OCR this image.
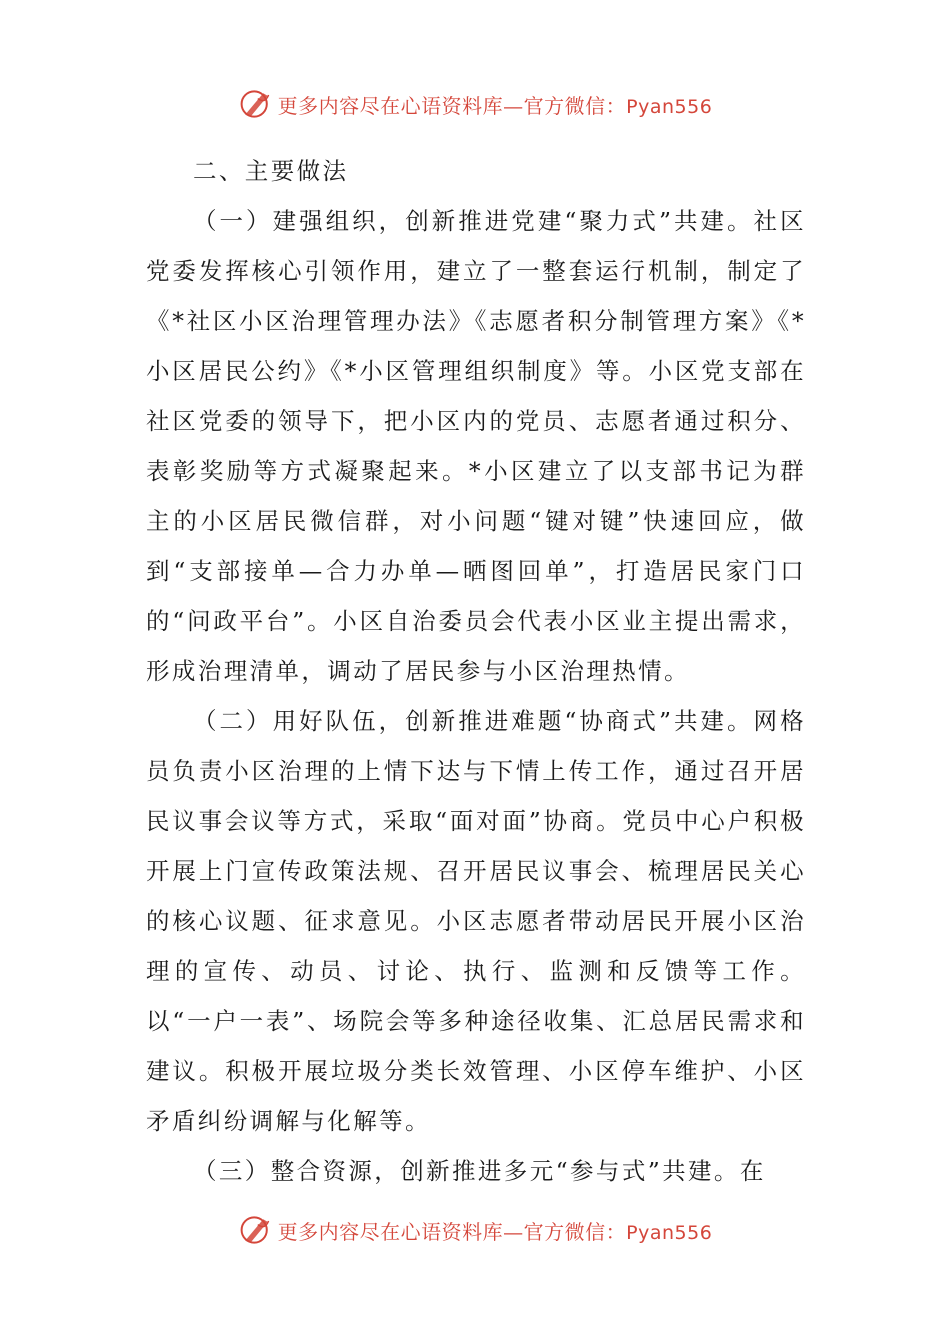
更多内容尽在心语资料库—官方微信：Pyan556

二、主要做法

（一）建强组织，创新推进党建“聚力式”共建。社区党委发挥核心引领作用，建立了一整套运行机制，制定了《*社区小区治理管理办法》《志愿者积分制管理方案》《*小区居民公约》《*小区管理组织制度》等。小区党支部在社区党委的领导下，把小区内的党员、志愿者通过积分、表彰奖励等方式凝聚起来。*小区建立了以支部书记为群主的小区居民微信群，对小问题“键对键”快速回应，做到“支部接单—合力办单—晒图回单”，打造居民家门口的“问政平台”。小区自治委员会代表小区业主提出需求，形成治理清单，调动了居民参与小区治理热情。

（二）用好队伍，创新推进难题“协商式”共建。网格员负责小区治理的上情下达与下情上传工作，通过召开居民议事会议等方式，采取“面对面”协商。党员中心户积极开展上门宣传政策法规、召开居民议事会、梳理居民关心的核心议题、征求意见。小区志愿者带动居民开展小区治理的宣传、动员、讨论、执行、监测和反馈等工作。以“一户一表”、场院会等多种途径收集、汇总居民需求和建议。积极开展垃圾分类长效管理、小区停车维护、小区矛盾纠纷调解与化解等。

（三）整合资源，创新推进多元“参与式”共建。在

更多内容尽在心语资料库—官方微信：Pyan556
